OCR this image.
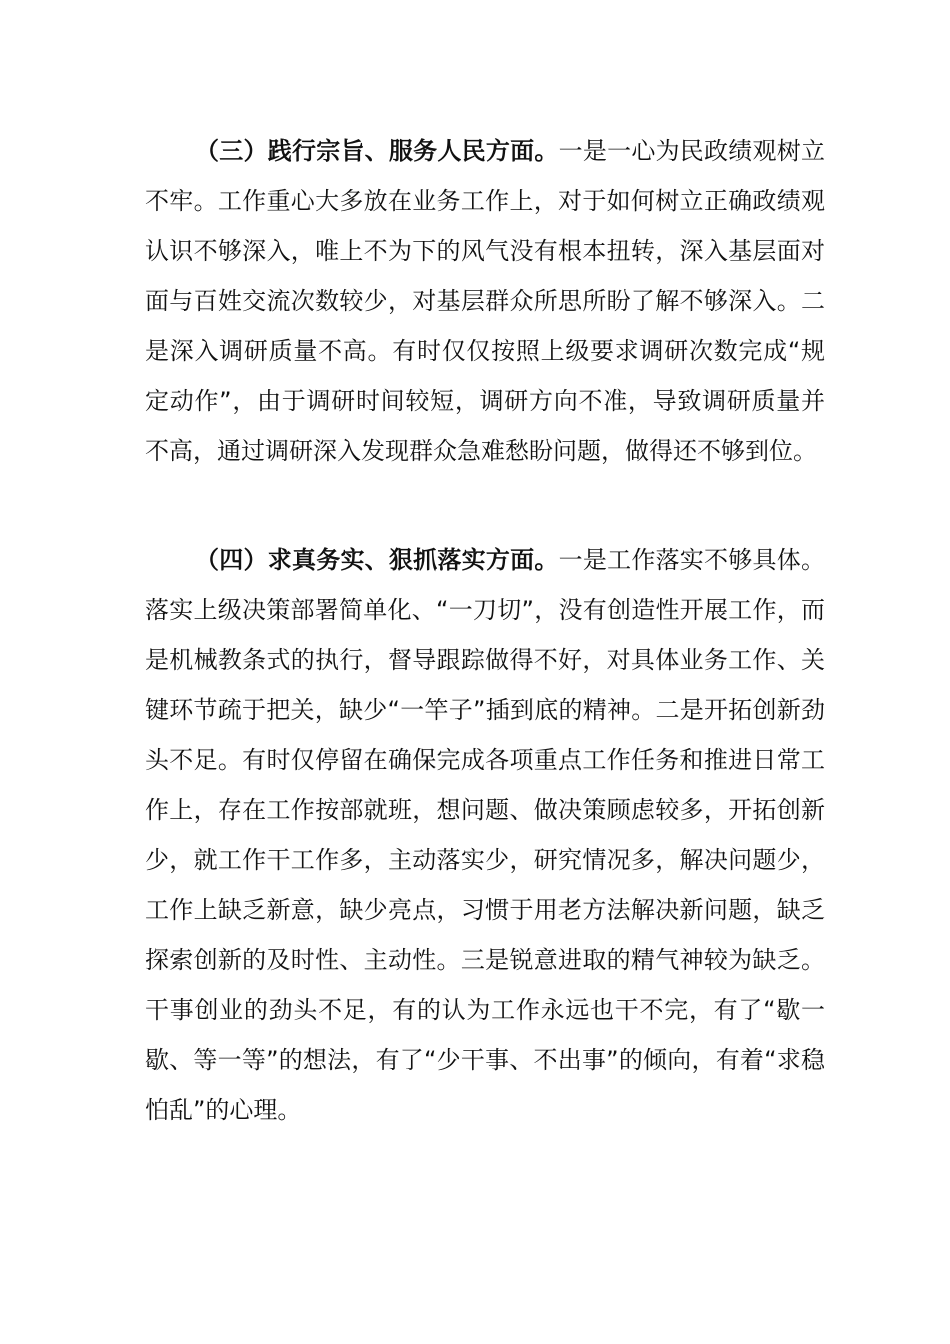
（三）践行宗旨、服务人民方面。一是一心为民政绩观树立不牢。工作重心大多放在业务工作上，对于如何树立正确政绩观认识不够深入，唯上不为下的风气没有根本扭转，深入基层面对面与百姓交流次数较少，对基层群众所思所盼了解不够深入。二是深入调研质量不高。有时仅仅按照上级要求调研次数完成“规定动作”，由于调研时间较短，调研方向不准，导致调研质量并不高，通过调研深入发现群众急难愁盼问题，做得还不够到位。

（四）求真务实、狠抓落实方面。一是工作落实不够具体。落实上级决策部署简单化、“一刀切”，没有创造性开展工作，而是机械教条式的执行，督导跟踪做得不好，对具体业务工作、关键环节疏于把关，缺少“一竿子”插到底的精神。二是开拓创新劲头不足。有时仅停留在确保完成各项重点工作任务和推进日常工作上，存在工作按部就班，想问题、做决策顾虑较多，开拓创新少，就工作干工作多，主动落实少，研究情况多，解决问题少，工作上缺乏新意，缺少亮点，习惯于用老方法解决新问题，缺乏探索创新的及时性、主动性。三是锐意进取的精气神较为缺乏。干事创业的劲头不足，有的认为工作永远也干不完，有了“歇一歇、等一等”的想法，有了“少干事、不出事”的倾向，有着“求稳怕乱”的心理。
